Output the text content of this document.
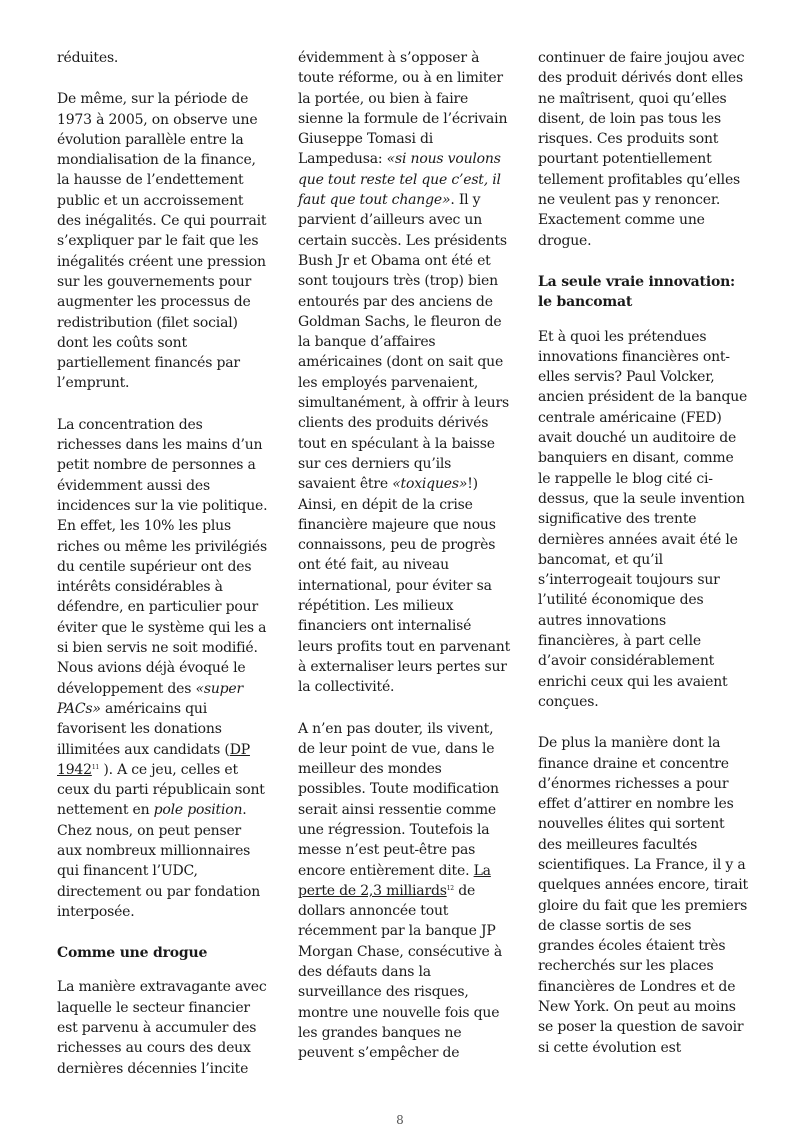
réduites.

De même, sur la période de 1973 à 2005, on observe une évolution parallèle entre la mondialisation de la finance, la hausse de l’endettement public et un accroissement des inégalités. Ce qui pourrait s’expliquer par le fait que les inégalités créent une pression sur les gouvernements pour augmenter les processus de redistribution (filet social) dont les coûts sont partiellement financés par l’emprunt.

La concentration des richesses dans les mains d’un petit nombre de personnes a évidemment aussi des incidences sur la vie politique. En effet, les 10% les plus riches ou même les privilégiés du centile supérieur ont des intérêts considérables à défendre, en particulier pour éviter que le système qui les a si bien servis ne soit modifié. Nous avions déjà évoqué le développement des «super PACs» américains qui favorisent les donations illimitées aux candidats (DP 1942$^{11}$ ). A ce jeu, celles et ceux du parti républicain sont nettement en pole position. Chez nous, on peut penser aux nombreux millionnaires qui financent l’UDC, directement ou par fondation interposée.

Comme une drogue

La manière extravagante avec laquelle le secteur financier est parvenu à accumuler des richesses au cours des deux dernières décennies l’incite

évidemment à s’opposer à toute réforme, ou à en limiter la portée, ou bien à faire sienne la formule de l’écrivain Giuseppe Tomasi di Lampedusa: «si nous voulons que tout reste tel que c’est, il faut que tout change». Il y parvient d’ailleurs avec un certain succès. Les présidents Bush Jr et Obama ont été et sont toujours très (trop) bien entourés par des anciens de Goldman Sachs, le fleuron de la banque d’affaires américaines (dont on sait que les employés parvenaient, simultanément, à offrir à leurs clients des produits dérivés tout en spéculant à la baisse sur ces derniers qu’ils savaient être «toxiques»!) Ainsi, en dépit de la crise financière majeure que nous connaissons, peu de progrès ont été fait, au niveau international, pour éviter sa répétition. Les milieux financiers ont internalisé leurs profits tout en parvenant à externaliser leurs pertes sur la collectivité.

A n’en pas douter, ils vivent, de leur point de vue, dans le meilleur des mondes possibles. Toute modification serait ainsi ressentie comme une régression. Toutefois la messe n’est peut-être pas encore entièrement dite. La perte de 2,3 milliards$^{12}$ de dollars annoncée tout récemment par la banque JP Morgan Chase, consécutive à des défauts dans la surveillance des risques, montre une nouvelle fois que les grandes banques ne peuvent s’empêcher de

continuer de faire joujou avec des produit dérivés dont elles ne maîtrisent, quoi qu’elles disent, de loin pas tous les risques. Ces produits sont pourtant potentiellement tellement profitables qu’elles ne veulent pas y renoncer. Exactement comme une drogue.

La seule vraie innovation: le bancomat

Et à quoi les prétendues innovations financières ont-elles servis? Paul Volcker, ancien président de la banque centrale américaine (FED) avait douché un auditoire de banquiers en disant, comme le rappelle le blog cité ci-dessus, que la seule invention significative des trente dernières années avait été le bancomat, et qu’il s’interrogeait toujours sur l’utilité économique des autres innovations financières, à part celle d’avoir considérablement enrichi ceux qui les avaient conçues.

De plus la manière dont la finance draine et concentre d’énormes richesses a pour effet d’attirer en nombre les nouvelles élites qui sortent des meilleures facultés scientifiques. La France, il y a quelques années encore, tirait gloire du fait que les premiers de classe sortis de ses grandes écoles étaient très recherchés sur les places financières de Londres et de New York. On peut au moins se poser la question de savoir si cette évolution est

8
